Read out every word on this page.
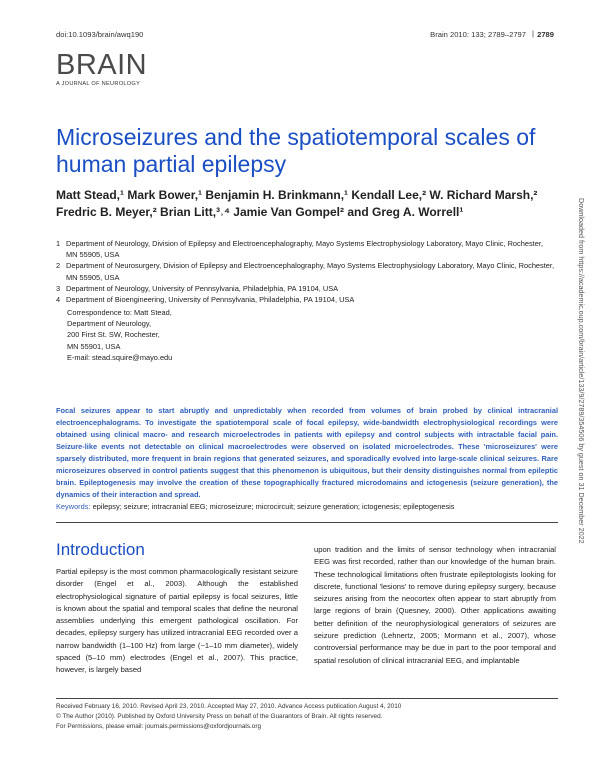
doi:10.1093/brain/awq190	Brain 2010: 133; 2789–2797 | 2789
BRAIN
A JOURNAL OF NEUROLOGY
Microseizures and the spatiotemporal scales of human partial epilepsy
Matt Stead,¹ Mark Bower,¹ Benjamin H. Brinkmann,¹ Kendall Lee,² W. Richard Marsh,² Fredric B. Meyer,² Brian Litt,³˒⁴ Jamie Van Gompel² and Greg A. Worrell¹
1 Department of Neurology, Division of Epilepsy and Electroencephalography, Mayo Systems Electrophysiology Laboratory, Mayo Clinic, Rochester, MN 55905, USA
2 Department of Neurosurgery, Division of Epilepsy and Electroencephalography, Mayo Systems Electrophysiology Laboratory, Mayo Clinic, Rochester, MN 55905, USA
3 Department of Neurology, University of Pennsylvania, Philadelphia, PA 19104, USA
4 Department of Bioengineering, University of Pennsylvania, Philadelphia, PA 19104, USA
Correspondence to: Matt Stead,
Department of Neurology,
200 First St. SW, Rochester,
MN 55901, USA
E-mail: stead.squire@mayo.edu
Focal seizures appear to start abruptly and unpredictably when recorded from volumes of brain probed by clinical intracranial electroencephalograms. To investigate the spatiotemporal scale of focal epilepsy, wide-bandwidth electrophysiological recordings were obtained using clinical macro- and research microelectrodes in patients with epilepsy and control subjects with intractable facial pain. Seizure-like events not detectable on clinical macroelectrodes were observed on isolated microelectrodes. These 'microseizures' were sparsely distributed, more frequent in brain regions that generated seizures, and sporadically evolved into large-scale clinical seizures. Rare microseizures observed in control patients suggest that this phenomenon is ubiquitous, but their density distinguishes normal from epileptic brain. Epileptogenesis may involve the creation of these topographically fractured microdomains and ictogenesis (seizure generation), the dynamics of their interaction and spread.
Keywords: epilepsy; seizure; intracranial EEG; microseizure; microcircuit; seizure generation; ictogenesis; epileptogenesis
Introduction

Partial epilepsy is the most common pharmacologically resistant seizure disorder (Engel et al., 2003). Although the established electrophysiological signature of partial epilepsy is focal seizures, little is known about the spatial and temporal scales that define the neuronal assemblies underlying this emergent pathological oscillation. For decades, epilepsy surgery has utilized intracranial EEG recorded over a narrow bandwidth (1–100 Hz) from large (~1–10 mm diameter), widely spaced (5–10 mm) electrodes (Engel et al., 2007). This practice, however, is largely based

upon tradition and the limits of sensor technology when intracranial EEG was first recorded, rather than our knowledge of the human brain. These technological limitations often frustrate epileptologists looking for discrete, functional 'lesions' to remove during epilepsy surgery, because seizures arising from the neocortex often appear to start abruptly from large regions of brain (Quesney, 2000). Other applications awaiting better definition of the neurophysiological generators of seizures are seizure prediction (Lehnertz, 2005; Mormann et al., 2007), whose controversial performance may be due in part to the poor temporal and spatial resolution of clinical intracranial EEG, and implantable

Received February 16, 2010. Revised April 23, 2010. Accepted May 27, 2010. Advance Access publication August 4, 2010
© The Author (2010). Published by Oxford University Press on behalf of the Guarantors of Brain. All rights reserved.
For Permissions, please email: journals.permissions@oxfordjournals.org
Downloaded from https://academic.oup.com/brain/article/133/9/2789/354506 by guest on 31 December 2022
